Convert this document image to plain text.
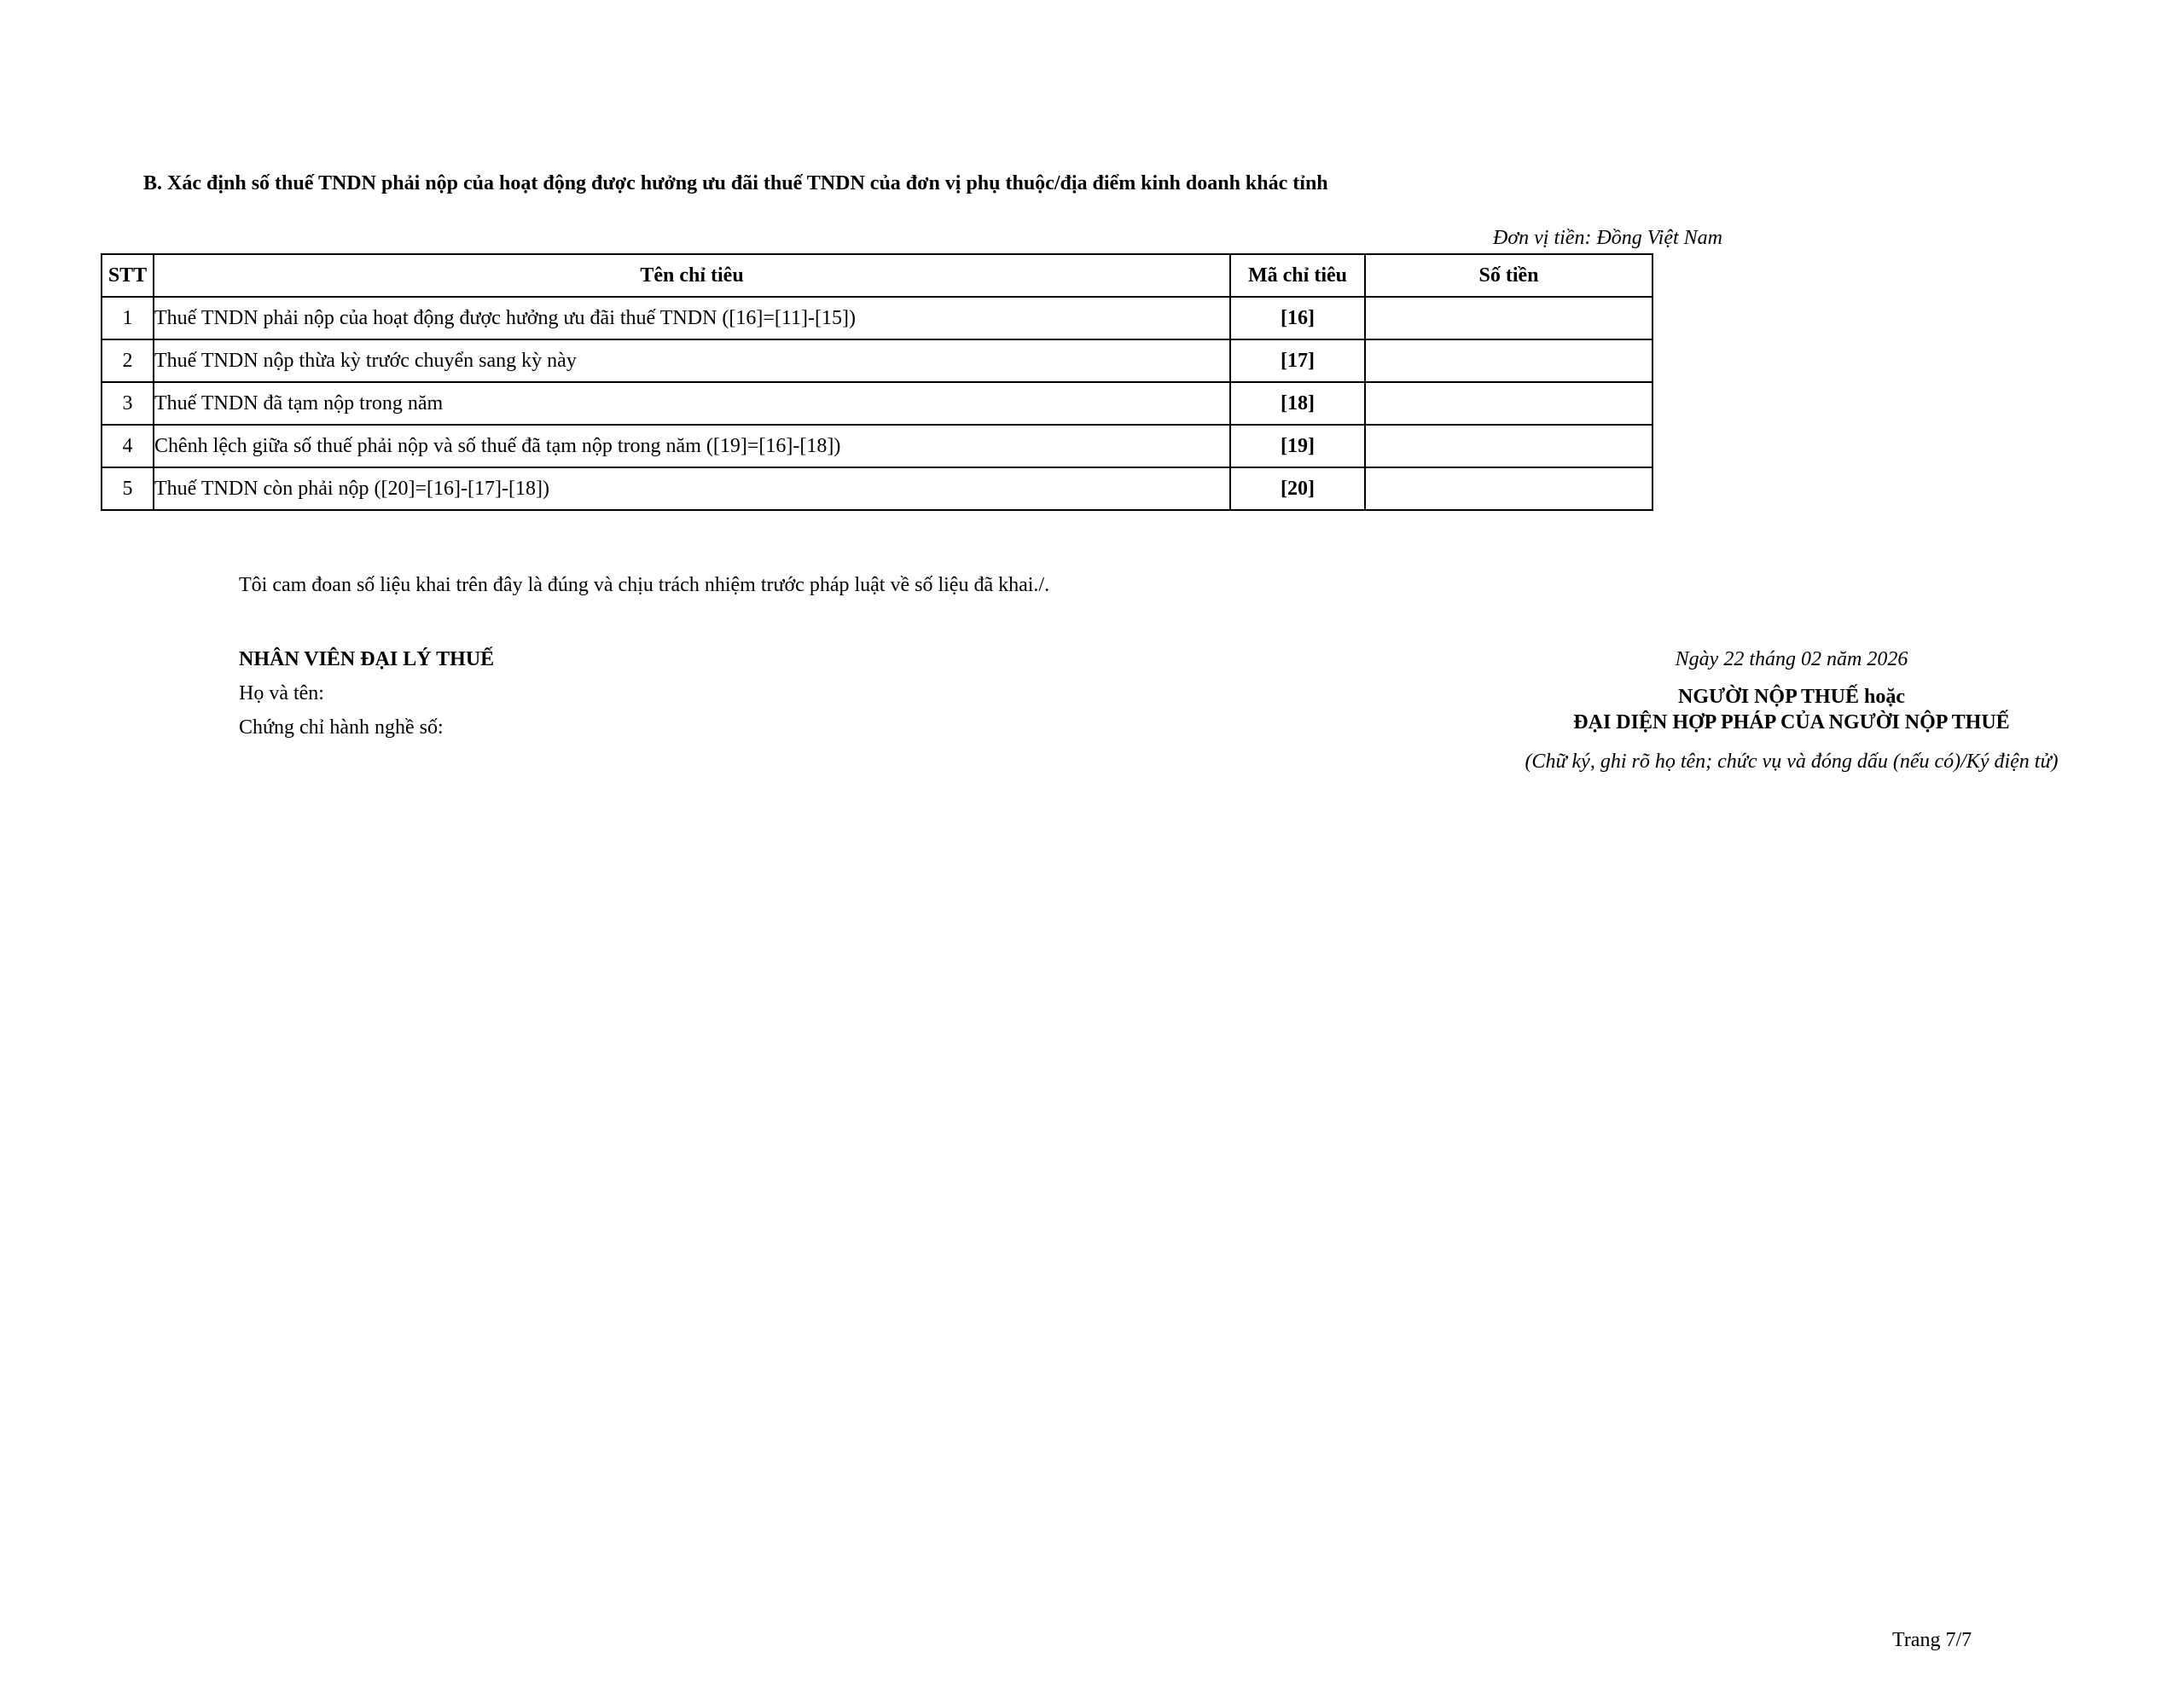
B. Xác định số thuế TNDN phải nộp của hoạt động được hưởng ưu đãi thuế TNDN của đơn vị phụ thuộc/địa điểm kinh doanh khác tỉnh
Đơn vị tiền: Đồng Việt Nam
STT	Tên chỉ tiêu	Mã chỉ tiêu	Số tiền
1	Thuế TNDN phải nộp của hoạt động được hưởng ưu đãi thuế TNDN ([16]=[11]-[15])	[16]	
2	Thuế TNDN nộp thừa kỳ trước chuyển sang kỳ này	[17]	
3	Thuế TNDN đã tạm nộp trong năm	[18]	
4	Chênh lệch giữa số thuế phải nộp và số thuế đã tạm nộp trong năm ([19]=[16]-[18])	[19]	
5	Thuế TNDN còn phải nộp ([20]=[16]-[17]-[18])	[20]	
Tôi cam đoan số liệu khai trên đây là đúng và chịu trách nhiệm trước pháp luật về số liệu đã khai./.
NHÂN VIÊN ĐẠI LÝ THUẾ
Họ và tên:
Chứng chỉ hành nghề số:
Ngày 22 tháng 02 năm 2026
NGƯỜI NỘP THUẾ hoặc
ĐẠI DIỆN HỢP PHÁP CỦA NGƯỜI NỘP THUẾ
(Chữ ký, ghi rõ họ tên; chức vụ và đóng dấu (nếu có)/Ký điện tử)
Trang 7/7
